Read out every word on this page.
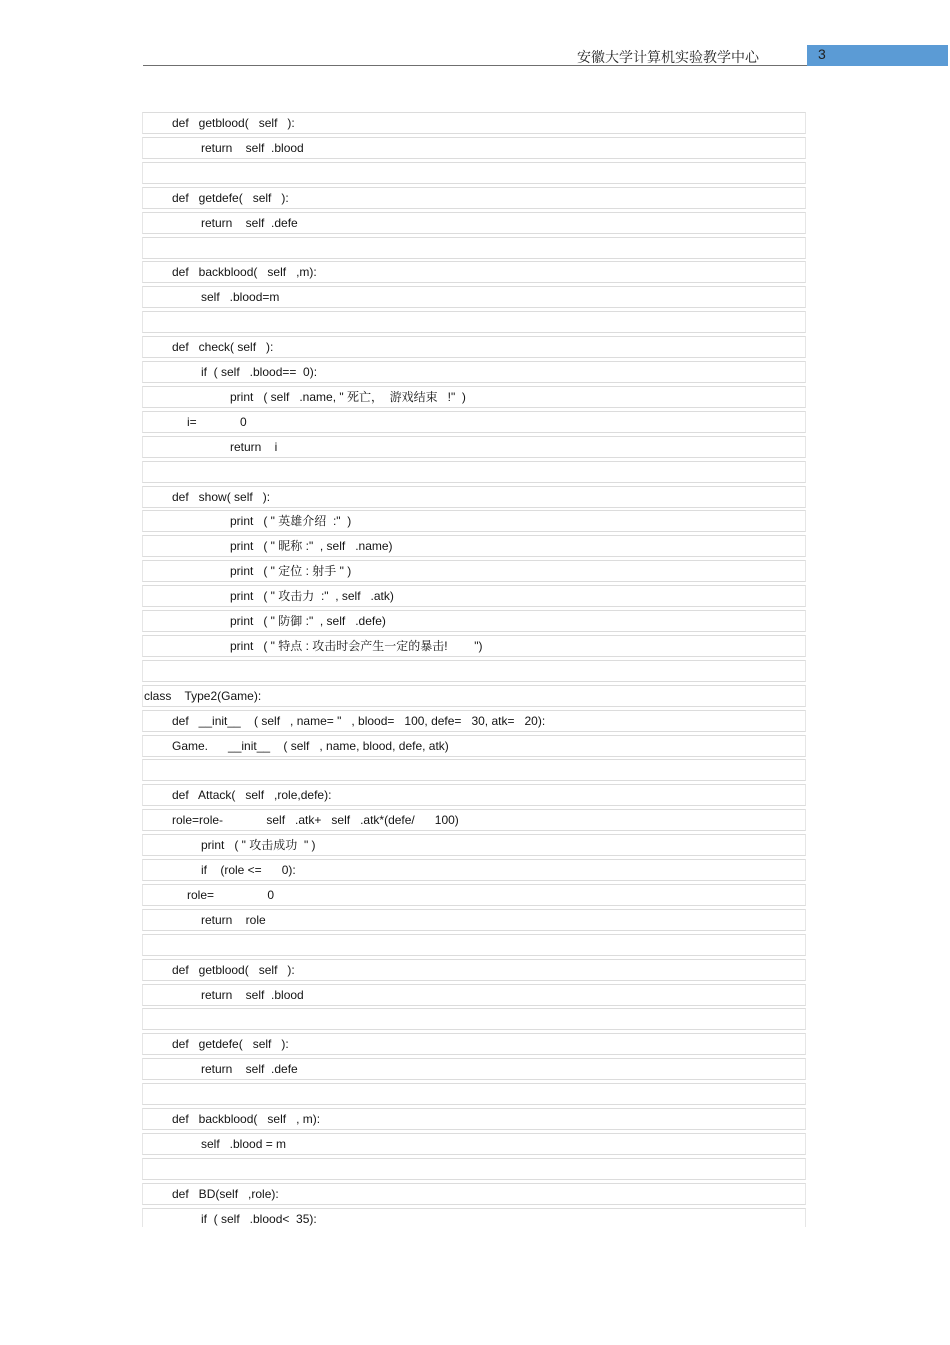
安徽大学计算机实验教学中心	3
def   getblood(   self   ):
return    self  .blood
def   getdefe(   self   ):
return    self  .defe
def   backblood(   self   ,m):
self   .blood=m
def   check( self   ):
if  ( self   .blood==  0):
print   ( self   .name, " 死亡，  游戏结束   !"  )
i=             0
return    i
def   show( self   ):
print   ( " 英雄介绍  :"  )
print   ( " 昵称 :"  , self   .name)
print   ( " 定位 : 射手 " )
print   ( " 攻击力  :"  , self   .atk)
print   ( " 防御 :"  , self   .defe)
print   ( " 特点 : 攻击时会产生一定的暴击!        ")
class    Type2(Game):
def   __init__    ( self   , name= "   , blood=   100, defe=   30, atk=   20):
Game.      __init__    ( self   , name, blood, defe, atk)
def   Attack(   self   ,role,defe):
role=role-             self   .atk+   self   .atk*(defe/      100)
print   ( " 攻击成功  " )
if    (role <=      0):
role=                0
return    role
def   getblood(   self   ):
return    self  .blood
def   getdefe(   self   ):
return    self  .defe
def   backblood(   self   , m):
self   .blood = m
def   BD(self   ,role):
if  ( self   .blood<  35):
